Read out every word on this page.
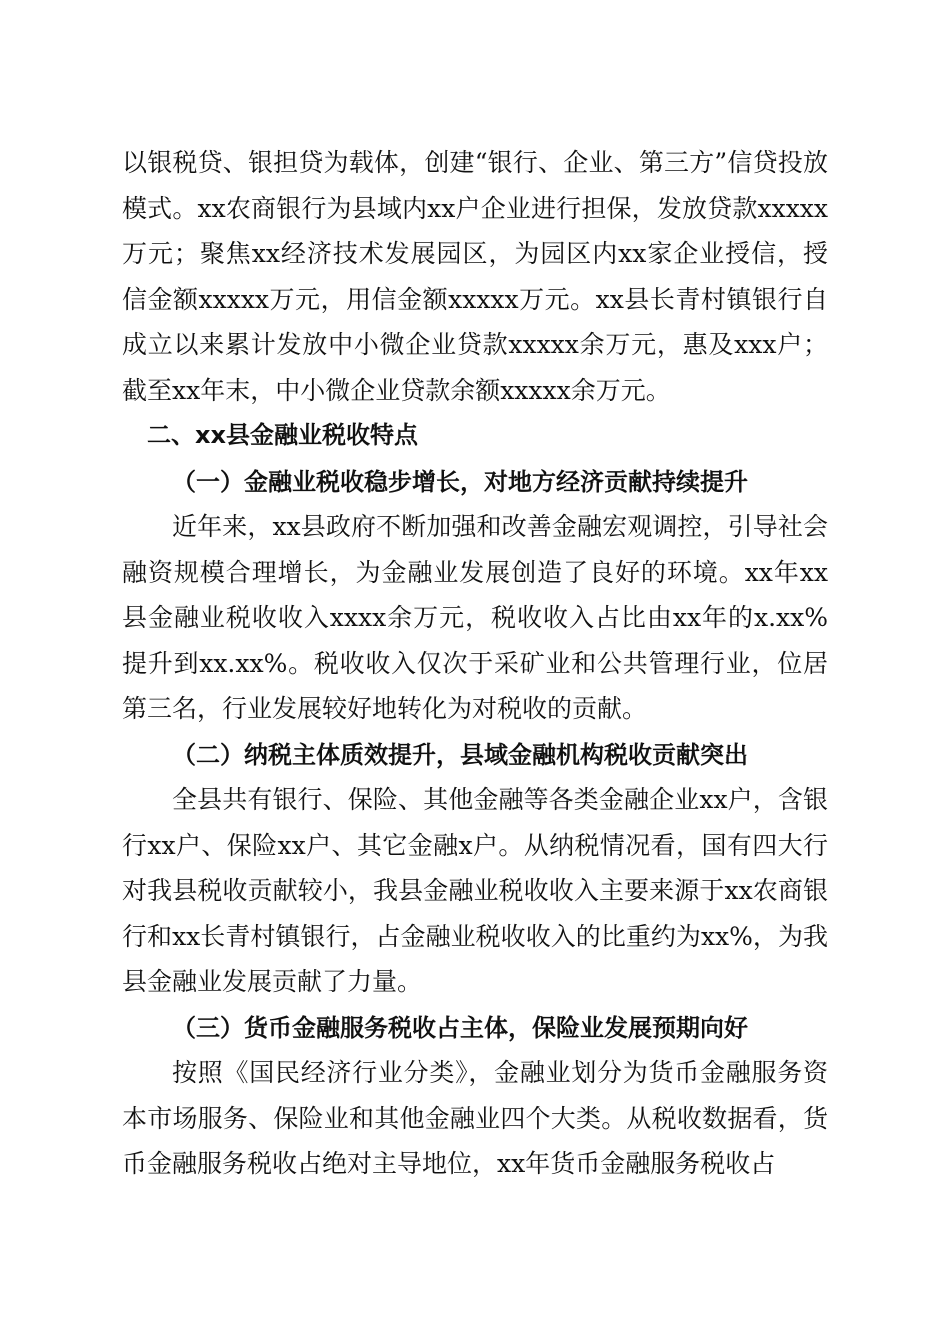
以银税贷、银担贷为载体，创建“银行、企业、第三方”信贷投放模式。xx农商银行为县域内xx户企业进行担保，发放贷款xxxxx万元；聚焦xx经济技术发展园区，为园区内xx家企业授信，授信金额xxxxx万元，用信金额xxxxx万元。xx县长青村镇银行自成立以来累计发放中小微企业贷款xxxxx余万元，惠及xxx户；截至xx年末，中小微企业贷款余额xxxxx余万元。

二、xx县金融业税收特点

（一）金融业税收稳步增长，对地方经济贡献持续提升

近年来，xx县政府不断加强和改善金融宏观调控，引导社会融资规模合理增长，为金融业发展创造了良好的环境。xx年xx县金融业税收收入xxxx余万元，税收收入占比由xx年的x.xx%提升到xx.xx%。税收收入仅次于采矿业和公共管理行业，位居第三名，行业发展较好地转化为对税收的贡献。

（二）纳税主体质效提升，县域金融机构税收贡献突出

全县共有银行、保险、其他金融等各类金融企业xx户，含银行xx户、保险xx户、其它金融x户。从纳税情况看，国有四大行对我县税收贡献较小，我县金融业税收收入主要来源于xx农商银行和xx长青村镇银行，占金融业税收收入的比重约为xx%，为我县金融业发展贡献了力量。

（三）货币金融服务税收占主体，保险业发展预期向好

按照《国民经济行业分类》，金融业划分为货币金融服务资本市场服务、保险业和其他金融业四个大类。从税收数据看，货币金融服务税收占绝对主导地位，xx年货币金融服务税收占
